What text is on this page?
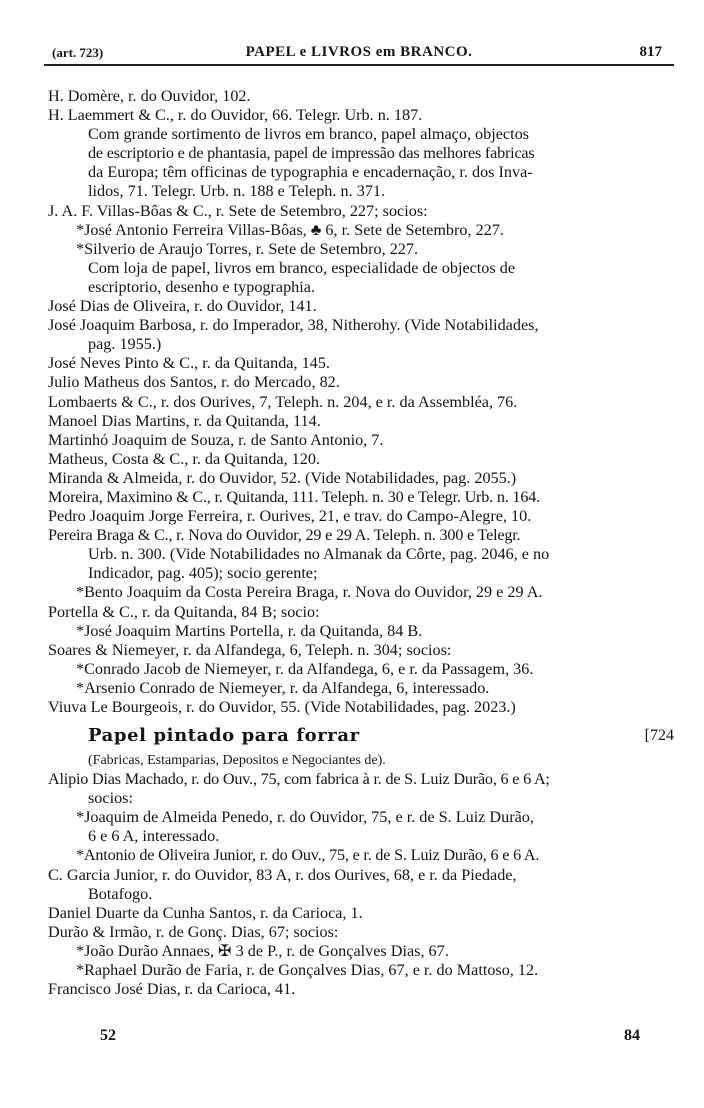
(art. 723)	PAPEL e LIVROS em BRANCO.	817
H. Domère, r. do Ouvidor, 102.
H. Laemmert & C., r. do Ouvidor, 66. Telegr. Urb. n. 187.
Com grande sortimento de livros em branco, papel almaço, objectos
de escriptorio e de phantasia, papel de impressão das melhores fabricas
da Europa; têm officinas de typographia e encadernação, r. dos Inva-
lidos, 71. Telegr. Urb. n. 188 e Teleph. n. 371.
J. A. F. Villas-Bôas & C., r. Sete de Setembro, 227; socios:
*José Antonio Ferreira Villas-Bôas, ♣ 6, r. Sete de Setembro, 227.
*Silverio de Araujo Torres, r. Sete de Setembro, 227.
Com loja de papel, livros em branco, especialidade de objectos de
escriptorio, desenho e typographia.
José Dias de Oliveira, r. do Ouvidor, 141.
José Joaquim Barbosa, r. do Imperador, 38, Nitherohy. (Vide Notabilidades,
pag. 1955.)
José Neves Pinto & C., r. da Quitanda, 145.
Julio Matheus dos Santos, r. do Mercado, 82.
Lombaerts & C., r. dos Ourives, 7, Teleph. n. 204, e r. da Assembléa, 76.
Manoel Dias Martins, r. da Quitanda, 114.
Martinhó Joaquim de Souza, r. de Santo Antonio, 7.
Matheus, Costa & C., r. da Quitanda, 120.
Miranda & Almeida, r. do Ouvidor, 52. (Vide Notabilidades, pag. 2055.)
Moreira, Maximino & C., r. Quitanda, 111. Teleph. n. 30 e Telegr. Urb. n. 164.
Pedro Joaquim Jorge Ferreira, r. Ourives, 21, e trav. do Campo-Alegre, 10.
Pereira Braga & C., r. Nova do Ouvidor, 29 e 29 A. Teleph. n. 300 e Telegr.
Urb. n. 300. (Vide Notabilidades no Almanak da Côrte, pag. 2046, e no
Indicador, pag. 405); socio gerente;
*Bento Joaquim da Costa Pereira Braga, r. Nova do Ouvidor, 29 e 29 A.
Portella & C., r. da Quitanda, 84 B; socio:
*José Joaquim Martins Portella, r. da Quitanda, 84 B.
Soares & Niemeyer, r. da Alfandega, 6, Teleph. n. 304; socios:
*Conrado Jacob de Niemeyer, r. da Alfandega, 6, e r. da Passagem, 36.
*Arsenio Conrado de Niemeyer, r. da Alfandega, 6, interessado.
Viuva Le Bourgeois, r. do Ouvidor, 55. (Vide Notabilidades, pag. 2023.)
Papel pintado para forrar	[724
(Fabricas, Estamparias, Depositos e Negociantes de).
Alipio Dias Machado, r. do Ouv., 75, com fabrica à r. de S. Luiz Durão, 6 e 6 A;
socios:
*Joaquim de Almeida Penedo, r. do Ouvidor, 75, e r. de S. Luiz Durão,
6 e 6 A, interessado.
*Antonio de Oliveira Junior, r. do Ouv., 75, e r. de S. Luiz Durão, 6 e 6 A.
C. Garcia Junior, r. do Ouvidor, 83 A, r. dos Ourives, 68, e r. da Piedade,
Botafogo.
Daniel Duarte da Cunha Santos, r. da Carioca, 1.
Durão & Irmão, r. de Gonç. Dias, 67; socios:
*João Durão Annaes, ✠ 3 de P., r. de Gonçalves Dias, 67.
*Raphael Durão de Faria, r. de Gonçalves Dias, 67, e r. do Mattoso, 12.
Francisco José Dias, r. da Carioca, 41.
52	84
